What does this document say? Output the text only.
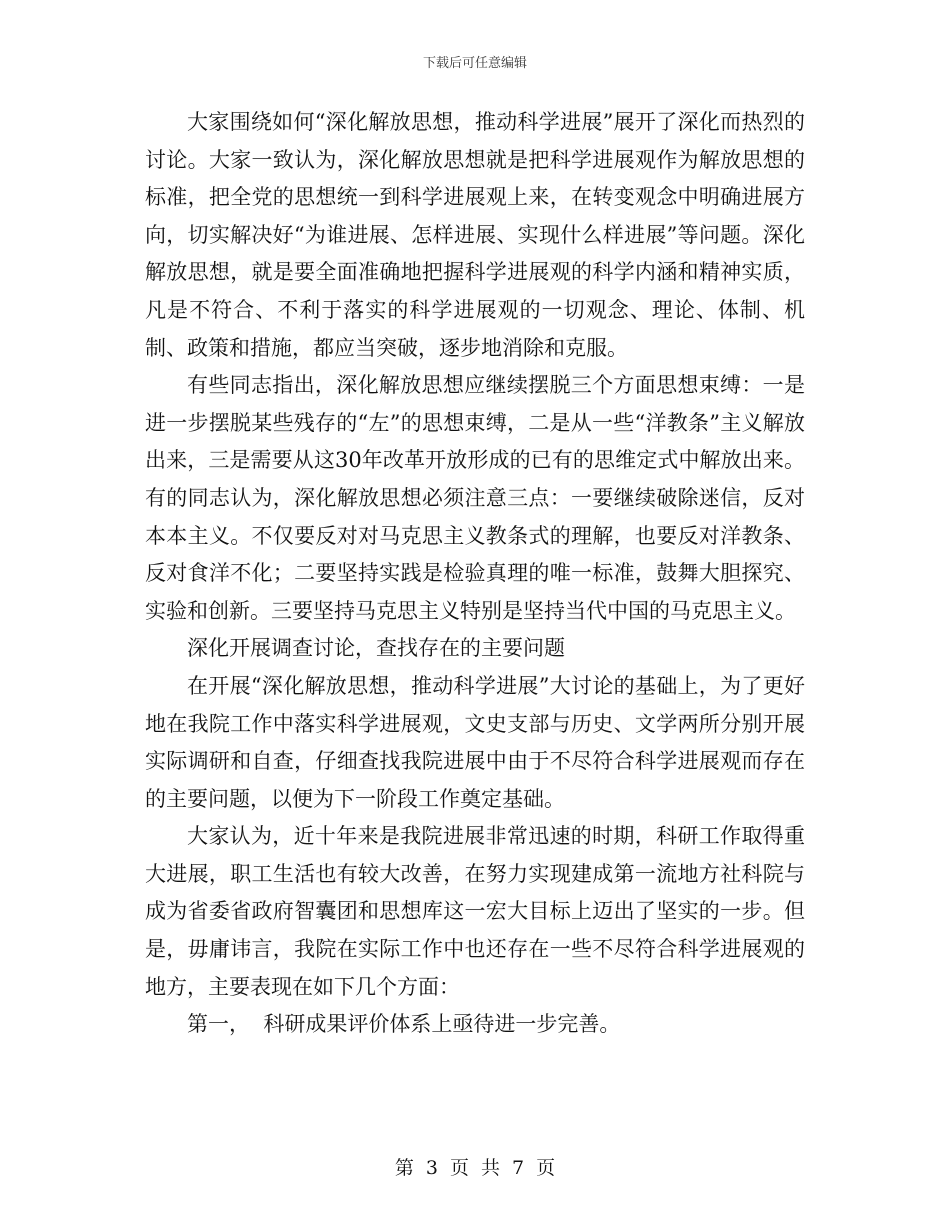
下载后可任意编辑

大家围绕如何“深化解放思想，推动科学进展”展开了深化而热烈的讨论。大家一致认为，深化解放思想就是把科学进展观作为解放思想的标准，把全党的思想统一到科学进展观上来，在转变观念中明确进展方向，切实解决好“为谁进展、怎样进展、实现什么样进展”等问题。深化解放思想，就是要全面准确地把握科学进展观的科学内涵和精神实质，凡是不符合、不利于落实的科学进展观的一切观念、理论、体制、机制、政策和措施，都应当突破，逐步地消除和克服。

有些同志指出，深化解放思想应继续摆脱三个方面思想束缚：一是进一步摆脱某些残存的“左”的思想束缚，二是从一些“洋教条”主义解放出来，三是需要从这30年改革开放形成的已有的思维定式中解放出来。有的同志认为，深化解放思想必须注意三点：一要继续破除迷信，反对本本主义。不仅要反对对马克思主义教条式的理解，也要反对洋教条、反对食洋不化；二要坚持实践是检验真理的唯一标准，鼓舞大胆探究、实验和创新。三要坚持马克思主义特别是坚持当代中国的马克思主义。

深化开展调查讨论，查找存在的主要问题

在开展“深化解放思想，推动科学进展”大讨论的基础上，为了更好地在我院工作中落实科学进展观，文史支部与历史、文学两所分别开展实际调研和自查，仔细查找我院进展中由于不尽符合科学进展观而存在的主要问题，以便为下一阶段工作奠定基础。

大家认为，近十年来是我院进展非常迅速的时期，科研工作取得重大进展，职工生活也有较大改善，在努力实现建成第一流地方社科院与成为省委省政府智囊团和思想库这一宏大目标上迈出了坚实的一步。但是，毋庸讳言，我院在实际工作中也还存在一些不尽符合科学进展观的地方，主要表现在如下几个方面：

第一，  科研成果评价体系上亟待进一步完善。

第 3 页 共 7 页
